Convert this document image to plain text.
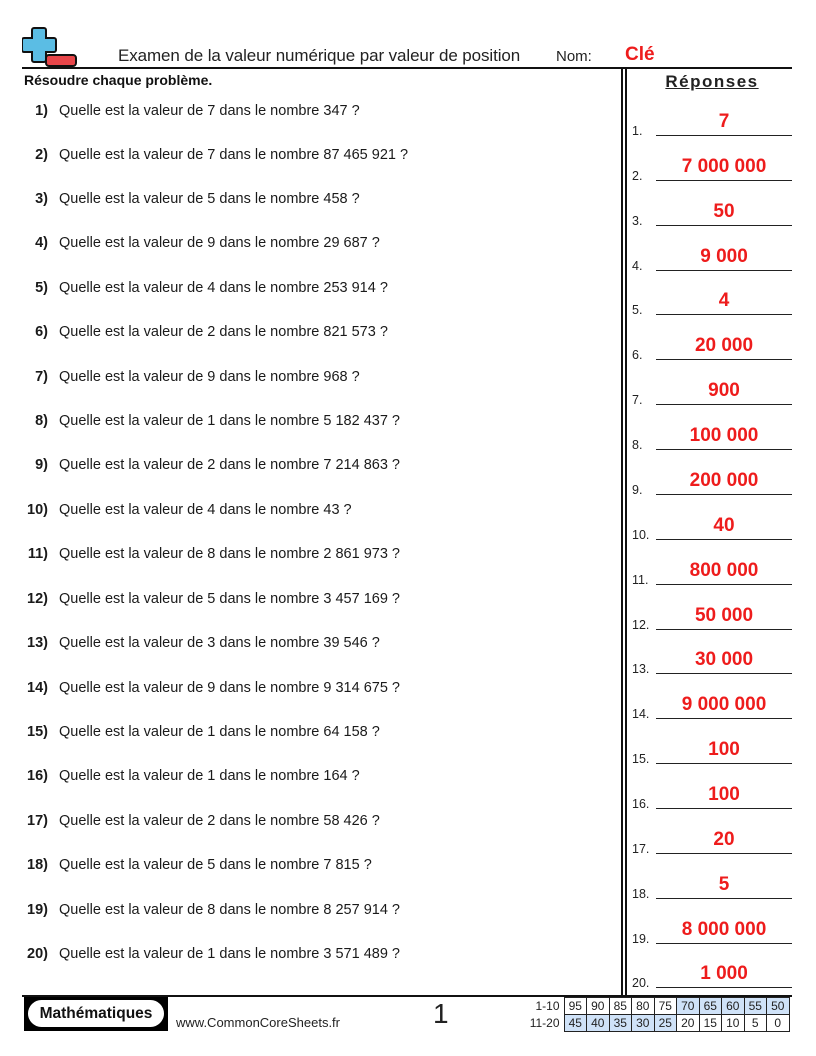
Examen de la valeur numérique par valeur de position Nom: Clé
Résoudre chaque problème.	Réponses
1) Quelle est la valeur de 7 dans le nombre 347 ?
2) Quelle est la valeur de 7 dans le nombre 87 465 921 ?
3) Quelle est la valeur de 5 dans le nombre 458 ?
4) Quelle est la valeur de 9 dans le nombre 29 687 ?
5) Quelle est la valeur de 4 dans le nombre 253 914 ?
6) Quelle est la valeur de 2 dans le nombre 821 573 ?
7) Quelle est la valeur de 9 dans le nombre 968 ?
8) Quelle est la valeur de 1 dans le nombre 5 182 437 ?
9) Quelle est la valeur de 2 dans le nombre 7 214 863 ?
10) Quelle est la valeur de 4 dans le nombre 43 ?
11) Quelle est la valeur de 8 dans le nombre 2 861 973 ?
12) Quelle est la valeur de 5 dans le nombre 3 457 169 ?
13) Quelle est la valeur de 3 dans le nombre 39 546 ?
14) Quelle est la valeur de 9 dans le nombre 9 314 675 ?
15) Quelle est la valeur de 1 dans le nombre 64 158 ?
16) Quelle est la valeur de 1 dans le nombre 164 ?
17) Quelle est la valeur de 2 dans le nombre 58 426 ?
18) Quelle est la valeur de 5 dans le nombre 7 815 ?
19) Quelle est la valeur de 8 dans le nombre 8 257 914 ?
20) Quelle est la valeur de 1 dans le nombre 3 571 489 ?
1.	7
2.	7 000 000
3.	50
4.	9 000
5.	4
6.	20 000
7.	900
8.	100 000
9.	200 000
10.	40
11.	800 000
12.	50 000
13.	30 000
14.	9 000 000
15.	100
16.	100
17.	20
18.	5
19.	8 000 000
20.	1 000
Mathématiques
www.CommonCoreSheets.fr	1	1-10	95	90	85	80	75	70	65	60	55	50
11-20	45	40	35	30	25	20	15	10	5	0
